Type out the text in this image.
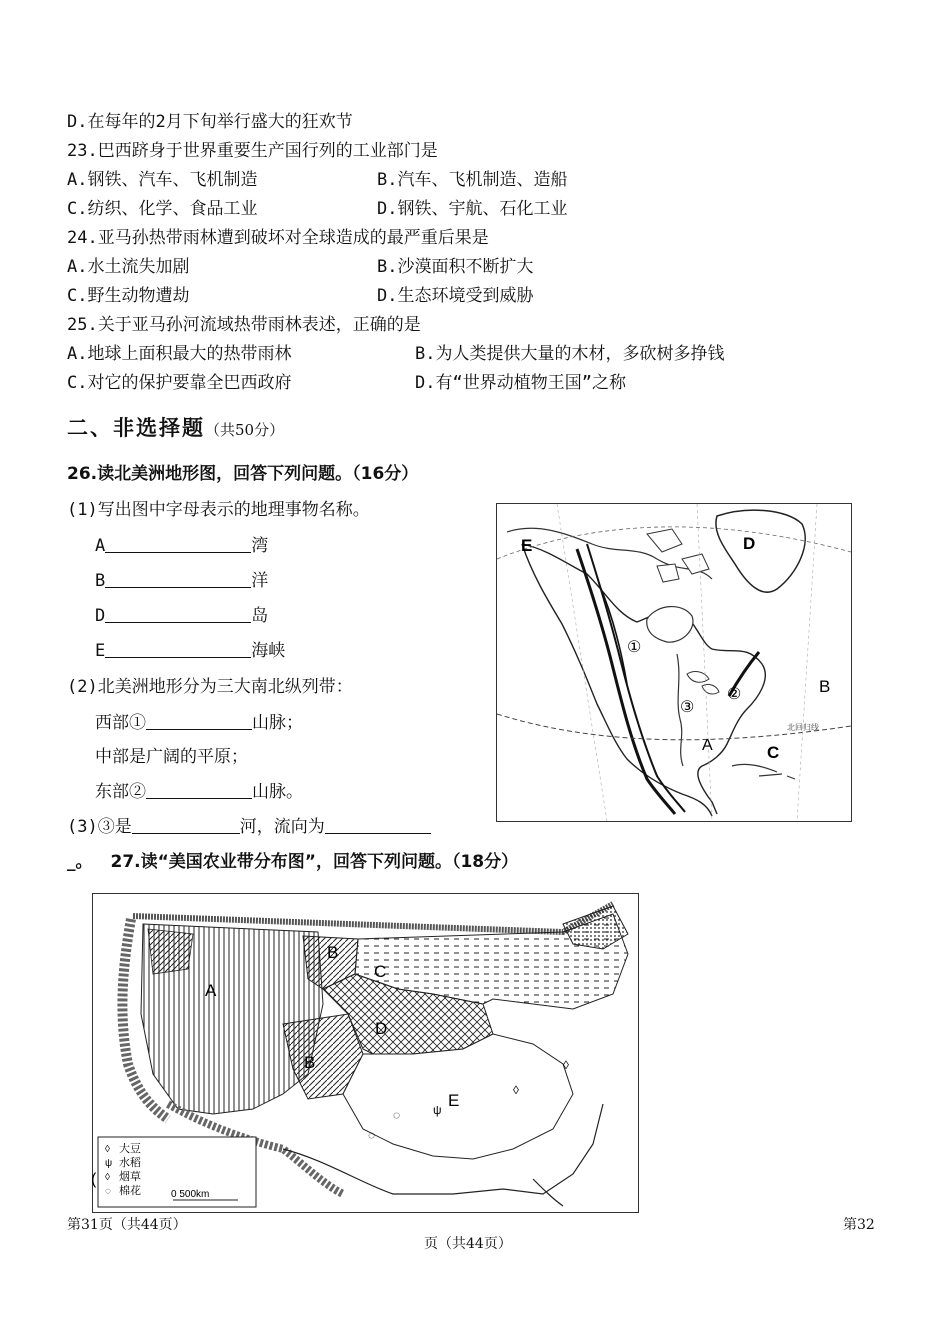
D.在每年的2月下旬举行盛大的狂欢节
23.巴西跻身于世界重要生产国行列的工业部门是
A.钢铁、汽车、飞机制造	B.汽车、飞机制造、造船
C.纺织、化学、食品工业	D.钢铁、宇航、石化工业
24.亚马孙热带雨林遭到破坏对全球造成的最严重后果是
A.水土流失加剧	B.沙漠面积不断扩大
C.野生动物遭劫	D.生态环境受到威胁
25.关于亚马孙河流域热带雨林表述，正确的是
A.地球上面积最大的热带雨林	B.为人类提供大量的木材，多砍树多挣钱
C.对它的保护要靠全巴西政府	D.有“世界动植物王国”之称
二、非选择题（共50分）
26.读北美洲地形图，回答下列问题。（16分）
(1)写出图中字母表示的地理事物名称。
A	湾
B	洋
D	岛
E	海峡
(2)北美洲地形分为三大南北纵列带：
西部①	山脉；
中部是广阔的平原；
东部②	山脉。
(3)③是	河，流向为
_。 27.读“美国农业带分布图”，回答下列问题。（18分）
E	D
B
A	C
①
②
③
北回归线
ψ
◌
◌
◊
◊
A
B
C
D
B
E
◊ 大豆
ψ 水稻
◊ 烟草
◌ 棉花	0 500km
(
第31页（共44页）	第32
页（共44页）
